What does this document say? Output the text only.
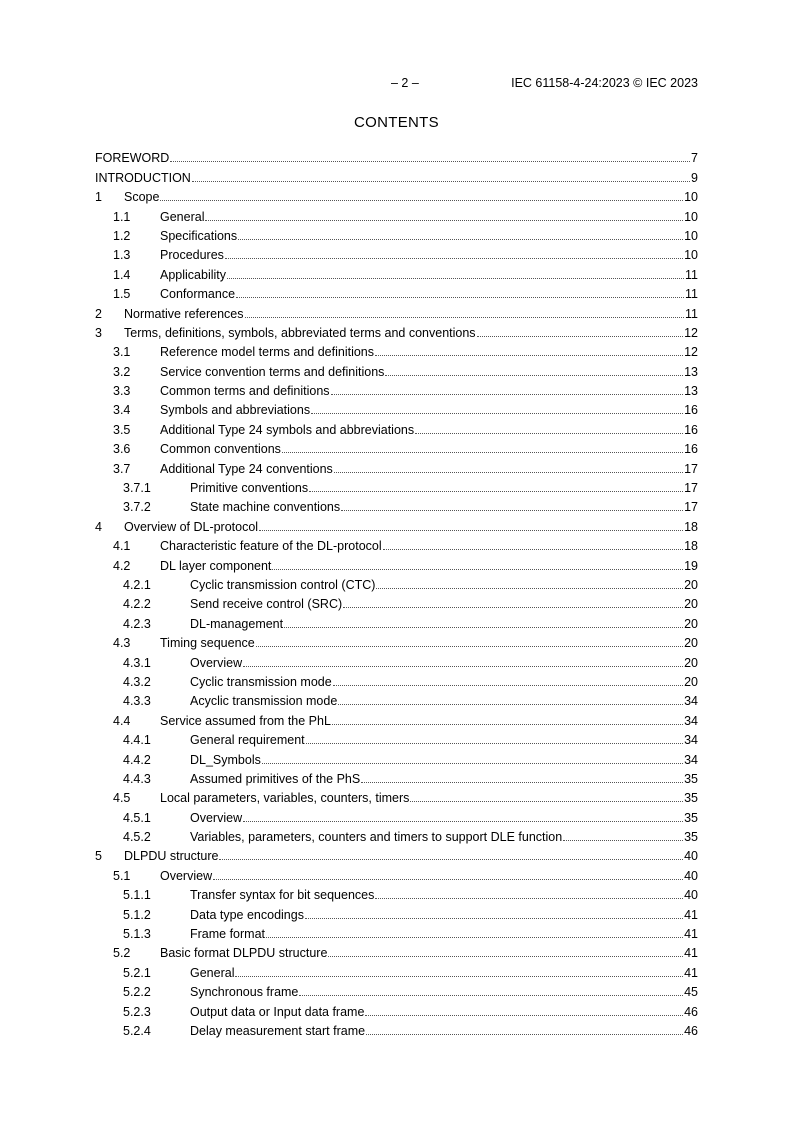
– 2 –	IEC 61158-4-24:2023 © IEC 2023
CONTENTS
FOREWORD	7
INTRODUCTION	9
1 Scope	10
1.1 General	10
1.2 Specifications	10
1.3 Procedures	10
1.4 Applicability	11
1.5 Conformance	11
2 Normative references	11
3 Terms, definitions, symbols, abbreviated terms and conventions	12
3.1 Reference model terms and definitions	12
3.2 Service convention terms and definitions	13
3.3 Common terms and definitions	13
3.4 Symbols and abbreviations	16
3.5 Additional Type 24 symbols and abbreviations	16
3.6 Common conventions	16
3.7 Additional Type 24 conventions	17
3.7.1	Primitive conventions	17
3.7.2	State machine conventions	17
4 Overview of DL-protocol	18
4.1 Characteristic feature of the DL-protocol	18
4.2 DL layer component	19
4.2.1	Cyclic transmission control (CTC)	20
4.2.2	Send receive control (SRC)	20
4.2.3	DL-management	20
4.3 Timing sequence	20
4.3.1	Overview	20
4.3.2	Cyclic transmission mode	20
4.3.3	Acyclic transmission mode	34
4.4 Service assumed from the PhL	34
4.4.1	General requirement	34
4.4.2	DL_Symbols	34
4.4.3	Assumed primitives of the PhS	35
4.5 Local parameters, variables, counters, timers	35
4.5.1	Overview	35
4.5.2	Variables, parameters, counters and timers to support DLE function	35
5 DLPDU structure	40
5.1 Overview	40
5.1.1	Transfer syntax for bit sequences	40
5.1.2	Data type encodings	41
5.1.3	Frame format	41
5.2 Basic format DLPDU structure	41
5.2.1	General	41
5.2.2	Synchronous frame	45
5.2.3	Output data or Input data frame	46
5.2.4	Delay measurement start frame	46
